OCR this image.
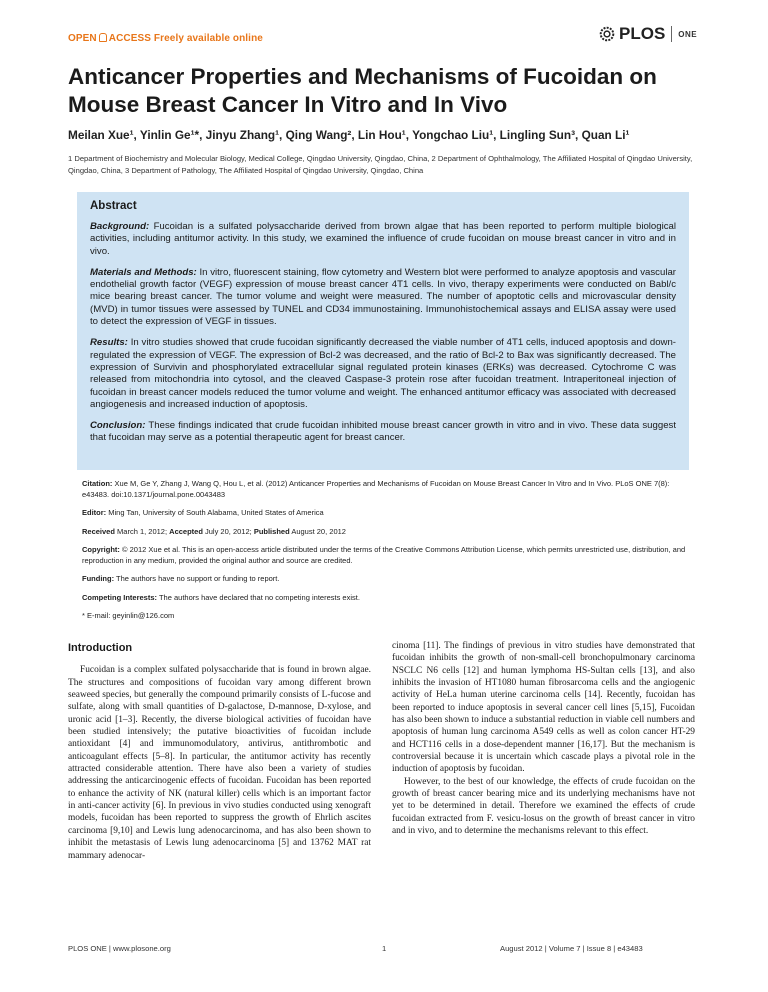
OPEN ACCESS Freely available online	PLOS ONE
Anticancer Properties and Mechanisms of Fucoidan on Mouse Breast Cancer In Vitro and In Vivo
Meilan Xue¹, Yinlin Ge¹*, Jinyu Zhang¹, Qing Wang², Lin Hou¹, Yongchao Liu¹, Lingling Sun³, Quan Li¹
1 Department of Biochemistry and Molecular Biology, Medical College, Qingdao University, Qingdao, China, 2 Department of Ophthalmology, The Affiliated Hospital of Qingdao University, Qingdao, China, 3 Department of Pathology, The Affiliated Hospital of Qingdao University, Qingdao, China
Abstract

Background: Fucoidan is a sulfated polysaccharide derived from brown algae that has been reported to perform multiple biological activities, including antitumor activity. In this study, we examined the influence of crude fucoidan on mouse breast cancer in vitro and in vivo.

Materials and Methods: In vitro, fluorescent staining, flow cytometry and Western blot were performed to analyze apoptosis and vascular endothelial growth factor (VEGF) expression of mouse breast cancer 4T1 cells. In vivo, therapy experiments were conducted on Babl/c mice bearing breast cancer. The tumor volume and weight were measured. The number of apoptotic cells and microvascular density (MVD) in tumor tissues were assessed by TUNEL and CD34 immunostaining. Immunohistochemical assays and ELISA assay were used to detect the expression of VEGF in tissues.

Results: In vitro studies showed that crude fucoidan significantly decreased the viable number of 4T1 cells, induced apoptosis and down-regulated the expression of VEGF. The expression of Bcl-2 was decreased, and the ratio of Bcl-2 to Bax was significantly decreased. The expression of Survivin and phosphorylated extracellular signal regulated protein kinases (ERKs) was decreased. Cytochrome C was released from mitochondria into cytosol, and the cleaved Caspase-3 protein rose after fucoidan treatment. Intraperitoneal injection of fucoidan in breast cancer models reduced the tumor volume and weight. The enhanced antitumor efficacy was associated with decreased angiogenesis and increased induction of apoptosis.

Conclusion: These findings indicated that crude fucoidan inhibited mouse breast cancer growth in vitro and in vivo. These data suggest that fucoidan may serve as a potential therapeutic agent for breast cancer.

Citation: Xue M, Ge Y, Zhang J, Wang Q, Hou L, et al. (2012) Anticancer Properties and Mechanisms of Fucoidan on Mouse Breast Cancer In Vitro and In Vivo. PLoS ONE 7(8): e43483. doi:10.1371/journal.pone.0043483

Editor: Ming Tan, University of South Alabama, United States of America

Received March 1, 2012; Accepted July 20, 2012; Published August 20, 2012

Copyright: © 2012 Xue et al. This is an open-access article distributed under the terms of the Creative Commons Attribution License, which permits unrestricted use, distribution, and reproduction in any medium, provided the original author and source are credited.

Funding: The authors have no support or funding to report.

Competing Interests: The authors have declared that no competing interests exist.

* E-mail: geyinlin@126.com

Introduction

Fucoidan is a complex sulfated polysaccharide that is found in brown algae. The structures and compositions of fucoidan vary among different brown seaweed species, but generally the compound primarily consists of L-fucose and sulfate, along with small quantities of D-galactose, D-mannose, D-xylose, and uronic acid [1–3]. Recently, the diverse biological activities of fucoidan have been studied intensively; the putative bioactivities of fucoidan include antioxidant [4] and immunomodulatory, antivirus, antithrombotic and anticoagulant effects [5–8]. In particular, the antitumor activity has recently attracted considerable attention. There have also been a variety of studies addressing the anticarcinogenic effects of fucoidan. Fucoidan has been reported to enhance the activity of NK (natural killer) cells which is an important factor in anti-cancer activity [6]. In previous in vivo studies conducted using xenograft models, fucoidan has been reported to suppress the growth of Ehrlich ascites carcinoma [9,10] and Lewis lung adenocarcinoma, and has also been shown to inhibit the metastasis of Lewis lung adenocarcinoma [5] and 13762 MAT rat mammary adenocar-

cinoma [11]. The findings of previous in vitro studies have demonstrated that fucoidan inhibits the growth of non-small-cell bronchopulmonary carcinoma NSCLC N6 cells [12] and human lymphoma HS-Sultan cells [13], and also inhibits the invasion of HT1080 human fibrosarcoma cells and the angiogenic activity of HeLa human uterine carcinoma cells [14]. Recently, fucoidan has been reported to induce apoptosis in several cancer cell lines [5,15], Fucoidan has also been shown to induce a substantial reduction in viable cell numbers and apoptosis of human lung carcinoma A549 cells as well as colon cancer HT-29 and HCT116 cells in a dose-dependent manner [16,17]. But the mechanism is controversial because it is uncertain which cascade plays a pivotal role in the induction of apoptosis by fucoidan.

However, to the best of our knowledge, the effects of crude fucoidan on the growth of breast cancer bearing mice and its underlying mechanisms have not yet to be determined in detail. Therefore we examined the effects of crude fucoidan extracted from F. vesicu-losus on the growth of breast cancer in vitro and in vivo, and to determine the mechanisms relevant to this effect.

PLOS ONE | www.plosone.org	1	August 2012 | Volume 7 | Issue 8 | e43483
